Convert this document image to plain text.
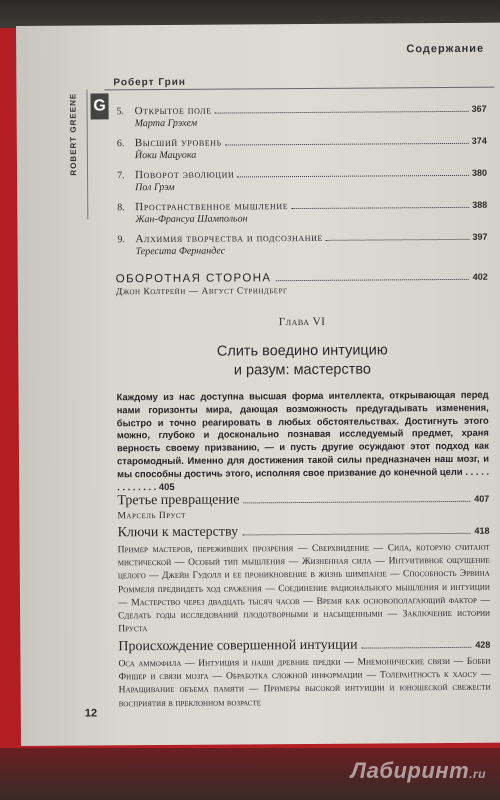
Содержание
Роберт Грин
G
ROBERT GREENE	5. Открытое поле	367
Марта Грэхем
6. Высший уровень	374
Йоки Мацуока
7. Поворот эволюции	380
Пол Грэм
8. Пространственное мышление	388
Жан-Франсуа Шампольон
9. Алхимия творчества и подсознание	397
Тересита Фернандес
ОБОРОТНАЯ СТОРОНА	402
Джон Колтрейн — Август Стриндберг
Глава VI
Слить воедино интуицию
и разум: мастерство
Каждому из нас доступна высшая форма интеллекта, открывающая перед нами горизонты мира, дающая возможность предугадывать изменения, быстро и точно реагировать в любых обстоятельствах. Достигнуть этого можно, глубоко и досконально познавая исследуемый предмет, храня верность своему призванию, — и пусть другие осуждают этот подход как старомодный. Именно для достижения такой силы предназначен наш мозг, и мы способны достичь этого, исполняя свое призвание до конечной цели . . . . . . . . . . . . . 405
Третье превращение	407
Марсель Пруст
Ключи к мастерству	418
Пример мастеров, переживших прозрения — Сверхвидение — Сила, которую считают мистической — Особый тип мышления — Жизненная сила — Интуитивное ощущение целого — Джейн Гудолл и ее проникновение в жизнь шимпанзе — Способность Эрвина Роммеля предвидеть ход сражения — Соединение рационального мышления и интуиции — Мастерство через двадцать тысяч часов — Время как основополагающий фактор — Сделать годы исследований плодотворными и насыщенными — Заключение истории Пруста
Происхождение совершенной интуиции	428
Оса аммофила — Интуиция и наши древние предки — Мнемонические связи — Бобби Фишер и связи мозга — Обработка сложной информации — Толерантность к хаосу — Наращивание объема памяти — Примеры высокой интуиции и юношеской свежести восприятия в преклонном возрасте
12
Лабиринт.ru
